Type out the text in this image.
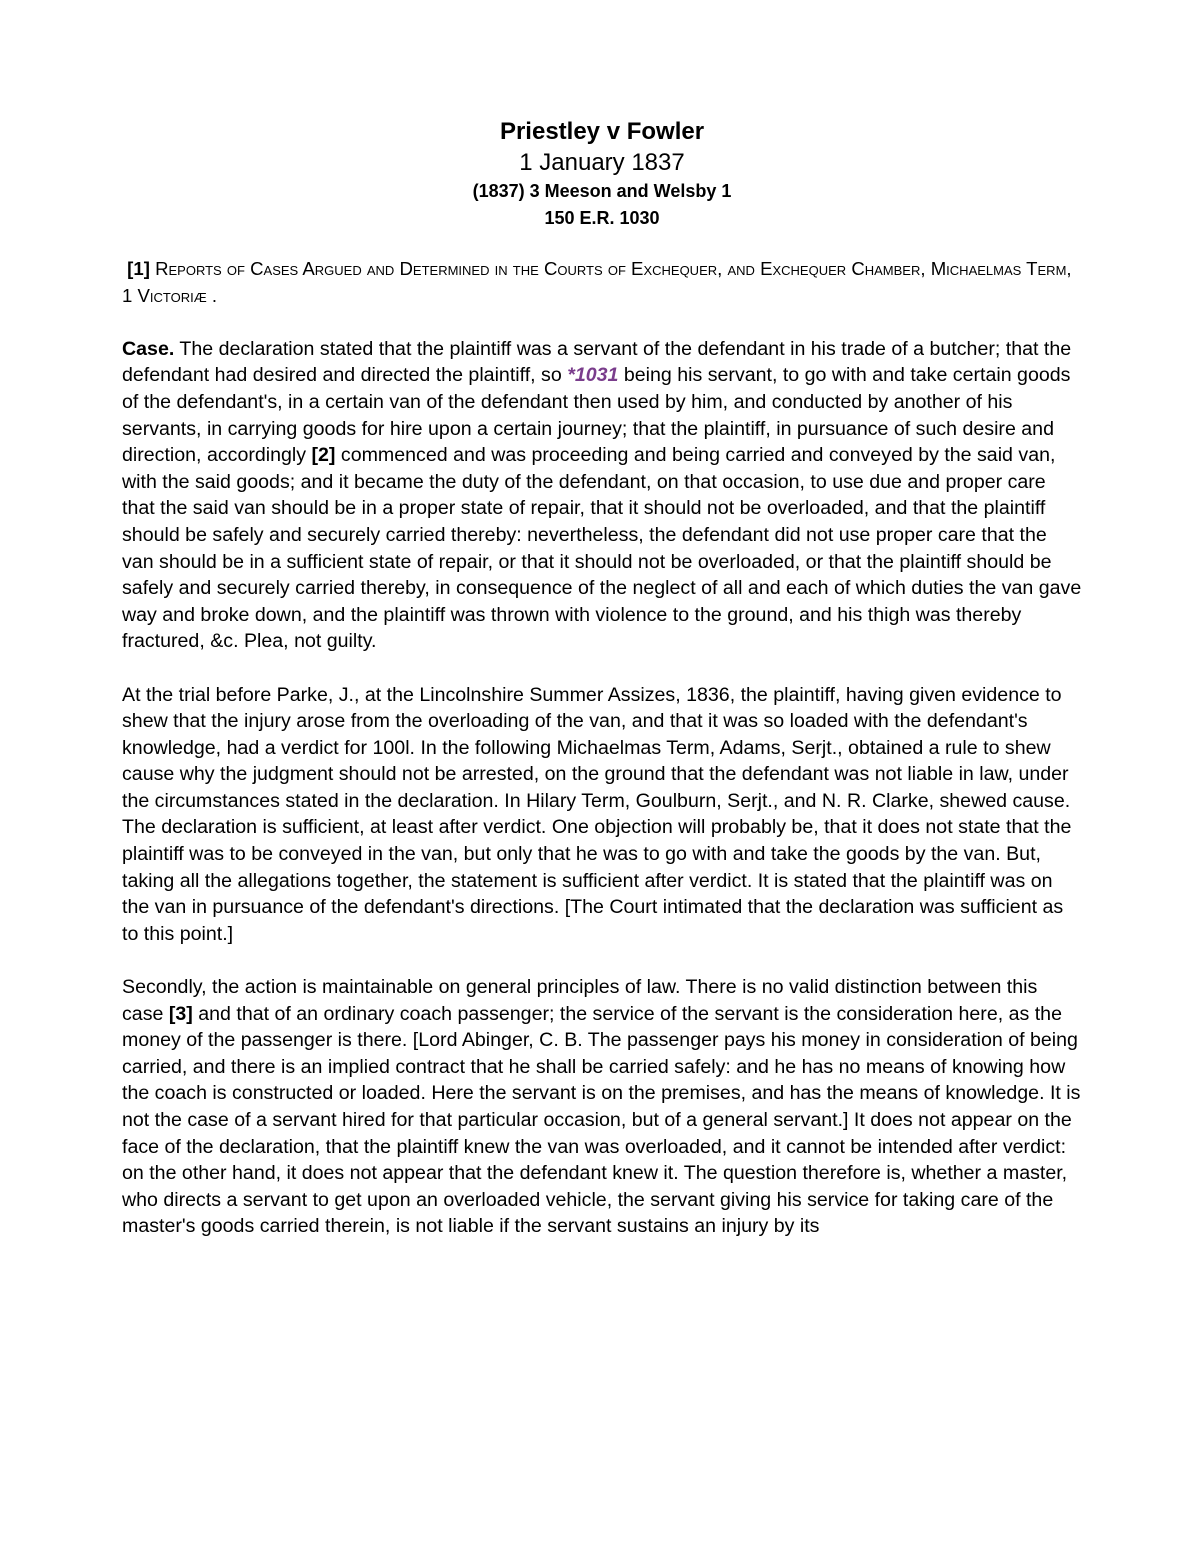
Priestley v Fowler
1 January 1837
(1837) 3 Meeson and Welsby 1
150 E.R. 1030
[1] Reports of Cases Argued and Determined in the Courts of Exchequer, and Exchequer Chamber, Michaelmas Term, 1 Victoriæ .

Case. The declaration stated that the plaintiff was a servant of the defendant in his trade of a butcher; that the defendant had desired and directed the plaintiff, so *1031 being his servant, to go with and take certain goods of the defendant's, in a certain van of the defendant then used by him, and conducted by another of his servants, in carrying goods for hire upon a certain journey; that the plaintiff, in pursuance of such desire and direction, accordingly [2] commenced and was proceeding and being carried and conveyed by the said van, with the said goods; and it became the duty of the defendant, on that occasion, to use due and proper care that the said van should be in a proper state of repair, that it should not be overloaded, and that the plaintiff should be safely and securely carried thereby: nevertheless, the defendant did not use proper care that the van should be in a sufficient state of repair, or that it should not be overloaded, or that the plaintiff should be safely and securely carried thereby, in consequence of the neglect of all and each of which duties the van gave way and broke down, and the plaintiff was thrown with violence to the ground, and his thigh was thereby fractured, &c. Plea, not guilty.

At the trial before Parke, J., at the Lincolnshire Summer Assizes, 1836, the plaintiff, having given evidence to shew that the injury arose from the overloading of the van, and that it was so loaded with the defendant's knowledge, had a verdict for 100l. In the following Michaelmas Term, Adams, Serjt., obtained a rule to shew cause why the judgment should not be arrested, on the ground that the defendant was not liable in law, under the circumstances stated in the declaration. In Hilary Term, Goulburn, Serjt., and N. R. Clarke, shewed cause. The declaration is sufficient, at least after verdict. One objection will probably be, that it does not state that the plaintiff was to be conveyed in the van, but only that he was to go with and take the goods by the van. But, taking all the allegations together, the statement is sufficient after verdict. It is stated that the plaintiff was on the van in pursuance of the defendant's directions. [The Court intimated that the declaration was sufficient as to this point.]

Secondly, the action is maintainable on general principles of law. There is no valid distinction between this case [3] and that of an ordinary coach passenger; the service of the servant is the consideration here, as the money of the passenger is there. [Lord Abinger, C. B. The passenger pays his money in consideration of being carried, and there is an implied contract that he shall be carried safely: and he has no means of knowing how the coach is constructed or loaded. Here the servant is on the premises, and has the means of knowledge. It is not the case of a servant hired for that particular occasion, but of a general servant.] It does not appear on the face of the declaration, that the plaintiff knew the van was overloaded, and it cannot be intended after verdict: on the other hand, it does not appear that the defendant knew it. The question therefore is, whether a master, who directs a servant to get upon an overloaded vehicle, the servant giving his service for taking care of the master's goods carried therein, is not liable if the servant sustains an injury by its
